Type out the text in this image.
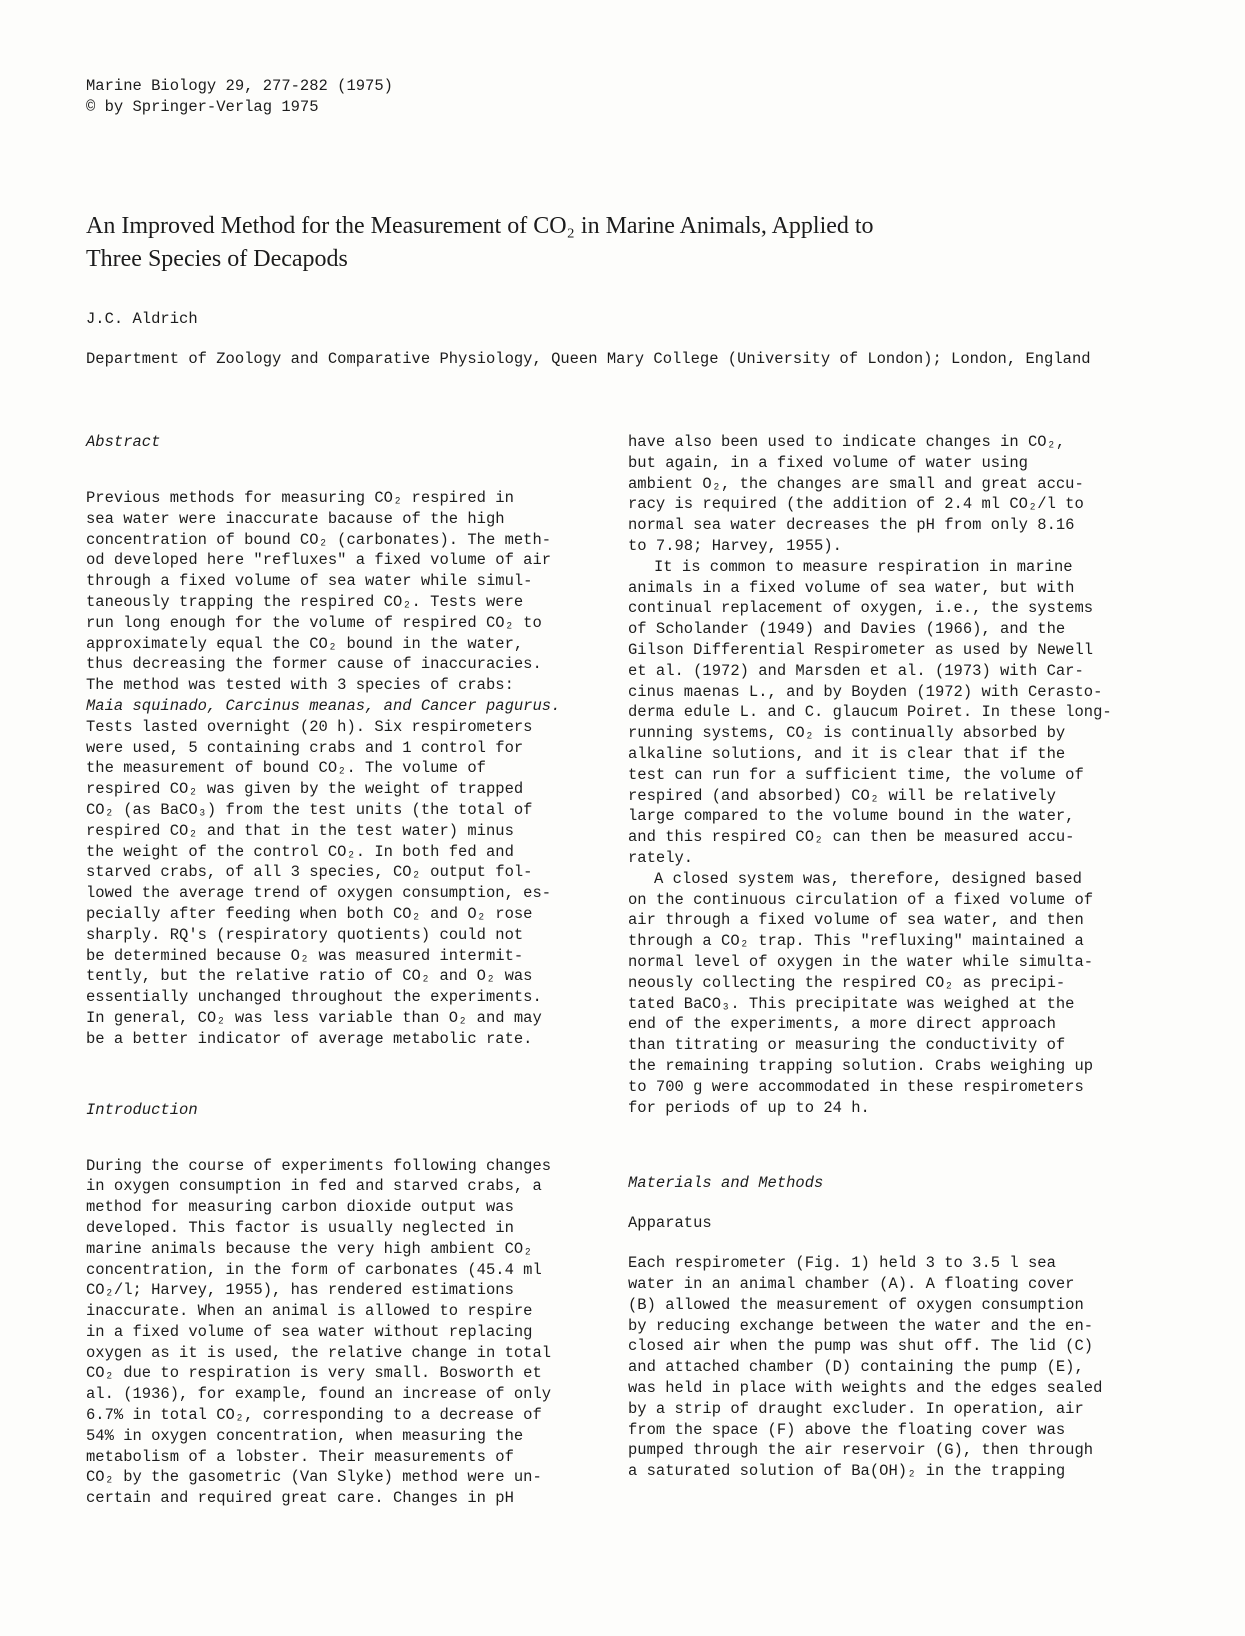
Marine Biology 29, 277-282 (1975)
© by Springer-Verlag 1975
An Improved Method for the Measurement of CO₂ in Marine Animals, Applied to
Three Species of Decapods
J.C. Aldrich
Department of Zoology and Comparative Physiology, Queen Mary College (University of London); London, England
Abstract
Previous methods for measuring CO₂ respired in
sea water were inaccurate bacause of the high
concentration of bound CO₂ (carbonates). The meth-
od developed here "refluxes" a fixed volume of air
through a fixed volume of sea water while simul-
taneously trapping the respired CO₂. Tests were
run long enough for the volume of respired CO₂ to
approximately equal the CO₂ bound in the water,
thus decreasing the former cause of inaccuracies.
The method was tested with 3 species of crabs:
Maia squinado, Carcinus meanas, and Cancer pagurus.
Tests lasted overnight (20 h). Six respirometers
were used, 5 containing crabs and 1 control for
the measurement of bound CO₂. The volume of
respired CO₂ was given by the weight of trapped
CO₂ (as BaCO₃) from the test units (the total of
respired CO₂ and that in the test water) minus
the weight of the control CO₂. In both fed and
starved crabs, of all 3 species, CO₂ output fol-
lowed the average trend of oxygen consumption, es-
pecially after feeding when both CO₂ and O₂ rose
sharply. RQ's (respiratory quotients) could not
be determined because O₂ was measured intermit-
tently, but the relative ratio of CO₂ and O₂ was
essentially unchanged throughout the experiments.
In general, CO₂ was less variable than O₂ and may
be a better indicator of average metabolic rate.
Introduction
During the course of experiments following changes
in oxygen consumption in fed and starved crabs, a
method for measuring carbon dioxide output was
developed. This factor is usually neglected in
marine animals because the very high ambient CO₂
concentration, in the form of carbonates (45.4 ml
CO₂/l; Harvey, 1955), has rendered estimations
inaccurate. When an animal is allowed to respire
in a fixed volume of sea water without replacing
oxygen as it is used, the relative change in total
CO₂ due to respiration is very small. Bosworth et
al. (1936), for example, found an increase of only
6.7% in total CO₂, corresponding to a decrease of
54% in oxygen concentration, when measuring the
metabolism of a lobster. Their measurements of
CO₂ by the gasometric (Van Slyke) method were un-
certain and required great care. Changes in pH
have also been used to indicate changes in CO₂,
but again, in a fixed volume of water using
ambient O₂, the changes are small and great accu-
racy is required (the addition of 2.4 ml CO₂/l to
normal sea water decreases the pH from only 8.16
to 7.98; Harvey, 1955).
It is common to measure respiration in marine
animals in a fixed volume of sea water, but with
continual replacement of oxygen, i.e., the systems
of Scholander (1949) and Davies (1966), and the
Gilson Differential Respirometer as used by Newell
et al. (1972) and Marsden et al. (1973) with Car-
cinus maenas L., and by Boyden (1972) with Cerasto-
derma edule L. and C. glaucum Poiret. In these long-
running systems, CO₂ is continually absorbed by
alkaline solutions, and it is clear that if the
test can run for a sufficient time, the volume of
respired (and absorbed) CO₂ will be relatively
large compared to the volume bound in the water,
and this respired CO₂ can then be measured accu-
rately.
A closed system was, therefore, designed based
on the continuous circulation of a fixed volume of
air through a fixed volume of sea water, and then
through a CO₂ trap. This "refluxing" maintained a
normal level of oxygen in the water while simulta-
neously collecting the respired CO₂ as precipi-
tated BaCO₃. This precipitate was weighed at the
end of the experiments, a more direct approach
than titrating or measuring the conductivity of
the remaining trapping solution. Crabs weighing up
to 700 g were accommodated in these respirometers
for periods of up to 24 h.
Materials and Methods
Apparatus
Each respirometer (Fig. 1) held 3 to 3.5 l sea
water in an animal chamber (A). A floating cover
(B) allowed the measurement of oxygen consumption
by reducing exchange between the water and the en-
closed air when the pump was shut off. The lid (C)
and attached chamber (D) containing the pump (E),
was held in place with weights and the edges sealed
by a strip of draught excluder. In operation, air
from the space (F) above the floating cover was
pumped through the air reservoir (G), then through
a saturated solution of Ba(OH)₂ in the trapping
